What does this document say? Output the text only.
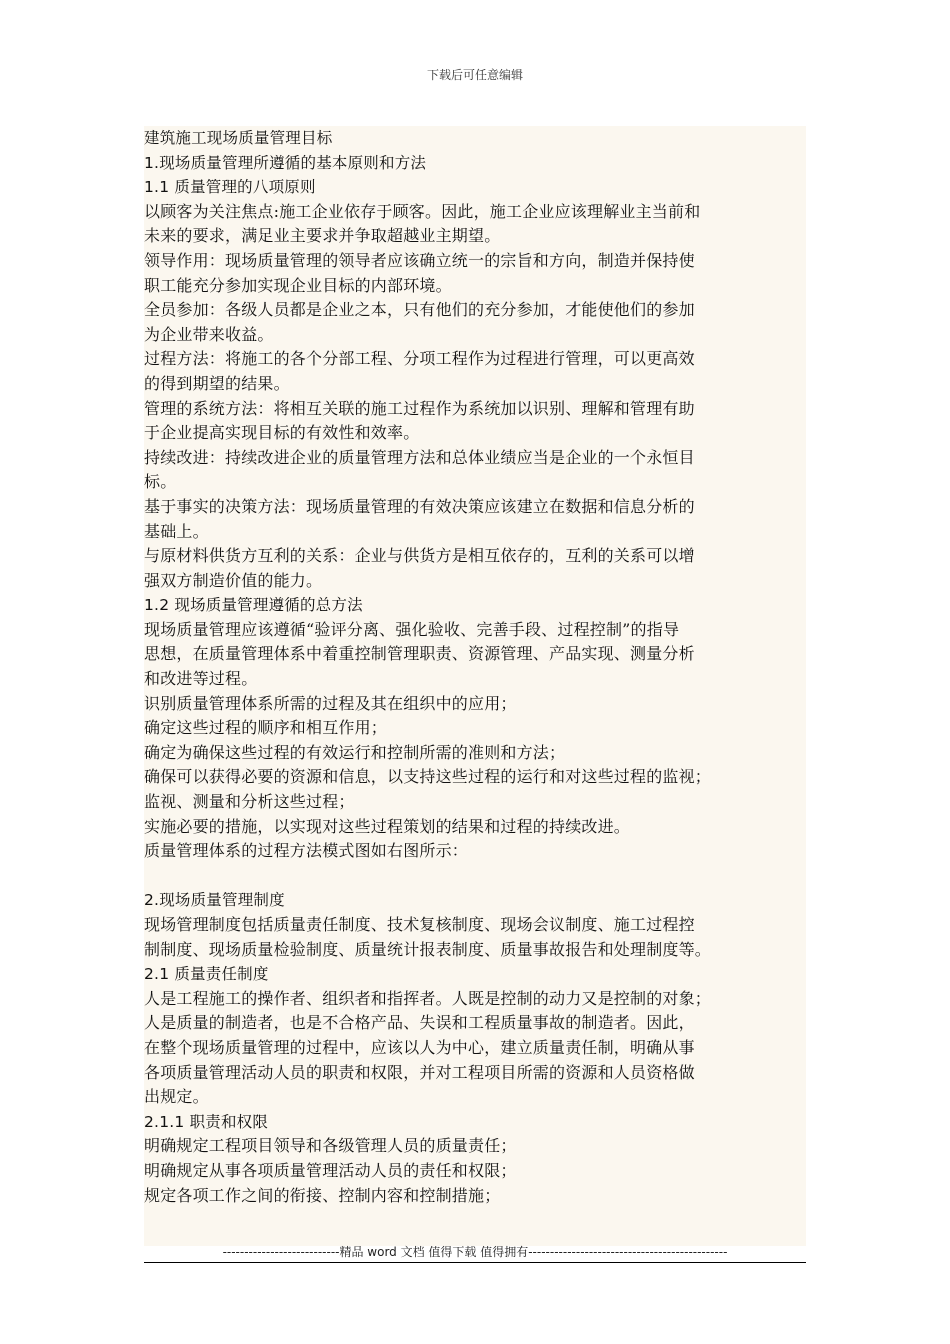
下载后可任意编辑
建筑施工现场质量管理目标
1.现场质量管理所遵循的基本原则和方法
1.1 质量管理的八项原则
以顾客为关注焦点:施工企业依存于顾客。因此，施工企业应该理解业主当前和
未来的要求，满足业主要求并争取超越业主期望。
领导作用：现场质量管理的领导者应该确立统一的宗旨和方向，制造并保持使
职工能充分参加实现企业目标的内部环境。
全员参加：各级人员都是企业之本，只有他们的充分参加，才能使他们的参加
为企业带来收益。
过程方法：将施工的各个分部工程、分项工程作为过程进行管理，可以更高效
的得到期望的结果。
管理的系统方法：将相互关联的施工过程作为系统加以识别、理解和管理有助
于企业提高实现目标的有效性和效率。
持续改进：持续改进企业的质量管理方法和总体业绩应当是企业的一个永恒目
标。
基于事实的决策方法：现场质量管理的有效决策应该建立在数据和信息分析的
基础上。
与原材料供货方互利的关系：企业与供货方是相互依存的，互利的关系可以增
强双方制造价值的能力。
1.2 现场质量管理遵循的总方法
现场质量管理应该遵循“验评分离、强化验收、完善手段、过程控制”的指导
思想，在质量管理体系中着重控制管理职责、资源管理、产品实现、测量分析
和改进等过程。
识别质量管理体系所需的过程及其在组织中的应用；
确定这些过程的顺序和相互作用；
确定为确保这些过程的有效运行和控制所需的准则和方法；
确保可以获得必要的资源和信息，以支持这些过程的运行和对这些过程的监视；
监视、测量和分析这些过程；
实施必要的措施，以实现对这些过程策划的结果和过程的持续改进。
质量管理体系的过程方法模式图如右图所示：
2.现场质量管理制度
现场管理制度包括质量责任制度、技术复核制度、现场会议制度、施工过程控
制制度、现场质量检验制度、质量统计报表制度、质量事故报告和处理制度等。
2.1 质量责任制度
人是工程施工的操作者、组织者和指挥者。人既是控制的动力又是控制的对象；
人是质量的制造者，也是不合格产品、失误和工程质量事故的制造者。因此，
在整个现场质量管理的过程中，应该以人为中心，建立质量责任制，明确从事
各项质量管理活动人员的职责和权限，并对工程项目所需的资源和人员资格做
出规定。
2.1.1 职责和权限
明确规定工程项目领导和各级管理人员的质量责任；
明确规定从事各项质量管理活动人员的责任和权限；
规定各项工作之间的衔接、控制内容和控制措施；
---------------------------精品 word 文档 值得下载 值得拥有----------------------------------------------
